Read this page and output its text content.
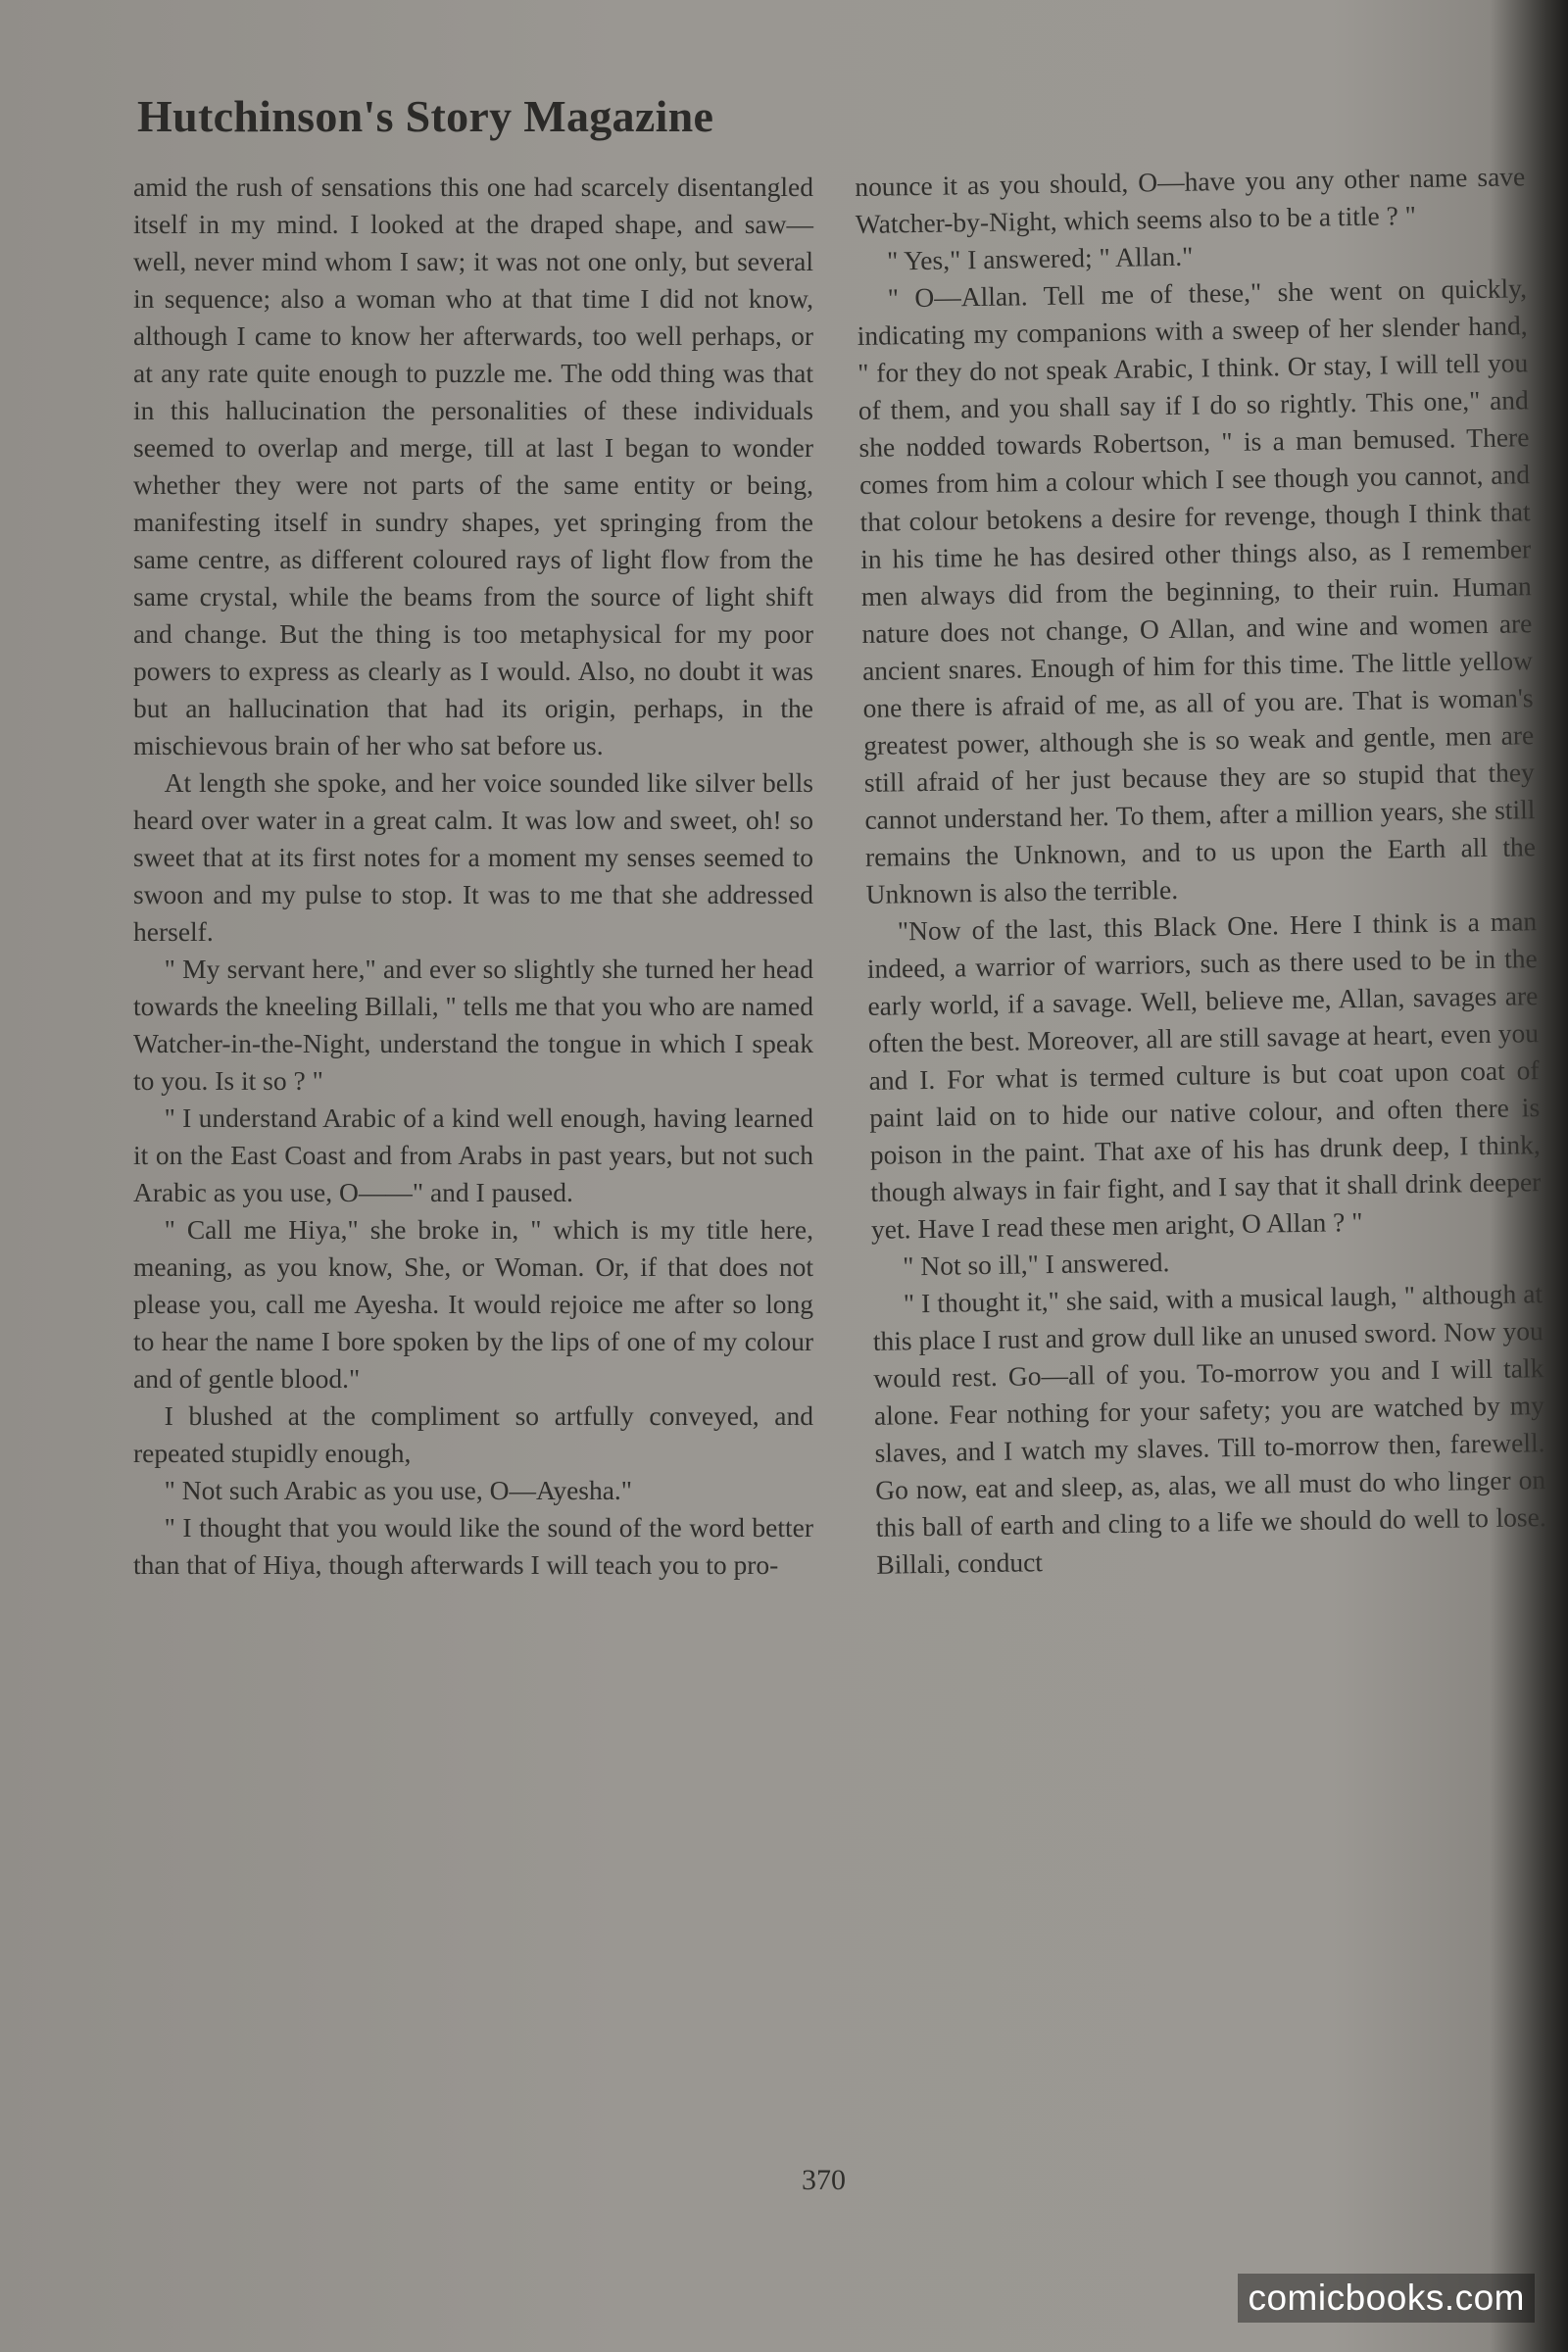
Hutchinson's Story Magazine

amid the rush of sensations this one had scarcely disentangled itself in my mind. I looked at the draped shape, and saw—well, never mind whom I saw; it was not one only, but several in sequence; also a woman who at that time I did not know, although I came to know her afterwards, too well perhaps, or at any rate quite enough to puzzle me. The odd thing was that in this hallucination the personalities of these individuals seemed to overlap and merge, till at last I began to wonder whether they were not parts of the same entity or being, manifesting itself in sundry shapes, yet springing from the same centre, as different coloured rays of light flow from the same crystal, while the beams from the source of light shift and change. But the thing is too metaphysical for my poor powers to express as clearly as I would. Also, no doubt it was but an hallucination that had its origin, perhaps, in the mischievous brain of her who sat before us.

At length she spoke, and her voice sounded like silver bells heard over water in a great calm. It was low and sweet, oh! so sweet that at its first notes for a moment my senses seemed to swoon and my pulse to stop. It was to me that she addressed herself.

" My servant here," and ever so slightly she turned her head towards the kneeling Billali, " tells me that you who are named Watcher-in-the-Night, understand the tongue in which I speak to you. Is it so ? "

" I understand Arabic of a kind well enough, having learned it on the East Coast and from Arabs in past years, but not such Arabic as you use, O——" and I paused.

" Call me Hiya," she broke in, " which is my title here, meaning, as you know, She, or Woman. Or, if that does not please you, call me Ayesha. It would rejoice me after so long to hear the name I bore spoken by the lips of one of my colour and of gentle blood."

I blushed at the compliment so artfully conveyed, and repeated stupidly enough,

" Not such Arabic as you use, O—Ayesha."

" I thought that you would like the sound of the word better than that of Hiya, though afterwards I will teach you to pro-

nounce it as you should, O—have you any other name save Watcher-by-Night, which seems also to be a title ? "

" Yes," I answered; " Allan."

" O—Allan. Tell me of these," she went on quickly, indicating my companions with a sweep of her slender hand, " for they do not speak Arabic, I think. Or stay, I will tell you of them, and you shall say if I do so rightly. This one," and she nodded towards Robertson, " is a man bemused. There comes from him a colour which I see though you cannot, and that colour betokens a desire for revenge, though I think that in his time he has desired other things also, as I remember men always did from the beginning, to their ruin. Human nature does not change, O Allan, and wine and women are ancient snares. Enough of him for this time. The little yellow one there is afraid of me, as all of you are. That is woman's greatest power, although she is so weak and gentle, men are still afraid of her just because they are so stupid that they cannot understand her. To them, after a million years, she still remains the Unknown, and to us upon the Earth all the Unknown is also the terrible.

"Now of the last, this Black One. Here I think is a man indeed, a warrior of warriors, such as there used to be in the early world, if a savage. Well, believe me, Allan, savages are often the best. Moreover, all are still savage at heart, even you and I. For what is termed culture is but coat upon coat of paint laid on to hide our native colour, and often there is poison in the paint. That axe of his has drunk deep, I think, though always in fair fight, and I say that it shall drink deeper yet. Have I read these men aright, O Allan ? "

" Not so ill," I answered.

" I thought it," she said, with a musical laugh, " although at this place I rust and grow dull like an unused sword. Now you would rest. Go—all of you. To-morrow you and I will talk alone. Fear nothing for your safety; you are watched by my slaves, and I watch my slaves. Till to-morrow then, farewell. Go now, eat and sleep, as, alas, we all must do who linger on this ball of earth and cling to a life we should do well to lose. Billali, conduct

370
comicbooks.com
